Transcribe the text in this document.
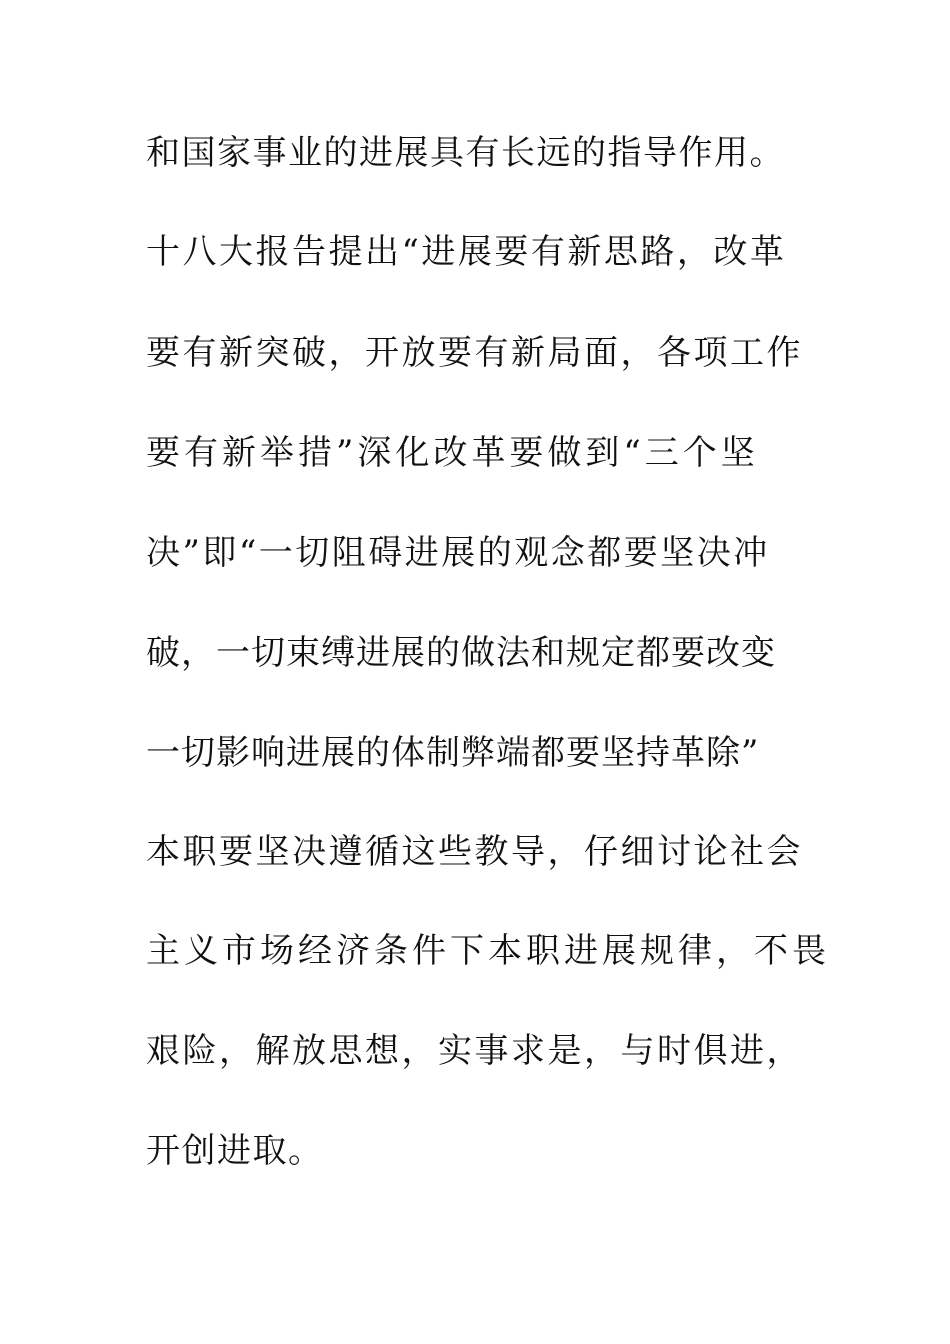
和国家事业的进展具有长远的指导作用。
十八大报告提出“进展要有新思路，改革
要有新突破，开放要有新局面，各项工作
要有新举措”深化改革要做到“三个坚
决”即“一切阻碍进展的观念都要坚决冲
破，一切束缚进展的做法和规定都要改变
一切影响进展的体制弊端都要坚持革除”
本职要坚决遵循这些教导，仔细讨论社会
主义市场经济条件下本职进展规律，不畏
艰险，解放思想，实事求是，与时俱进，
开创进取。
